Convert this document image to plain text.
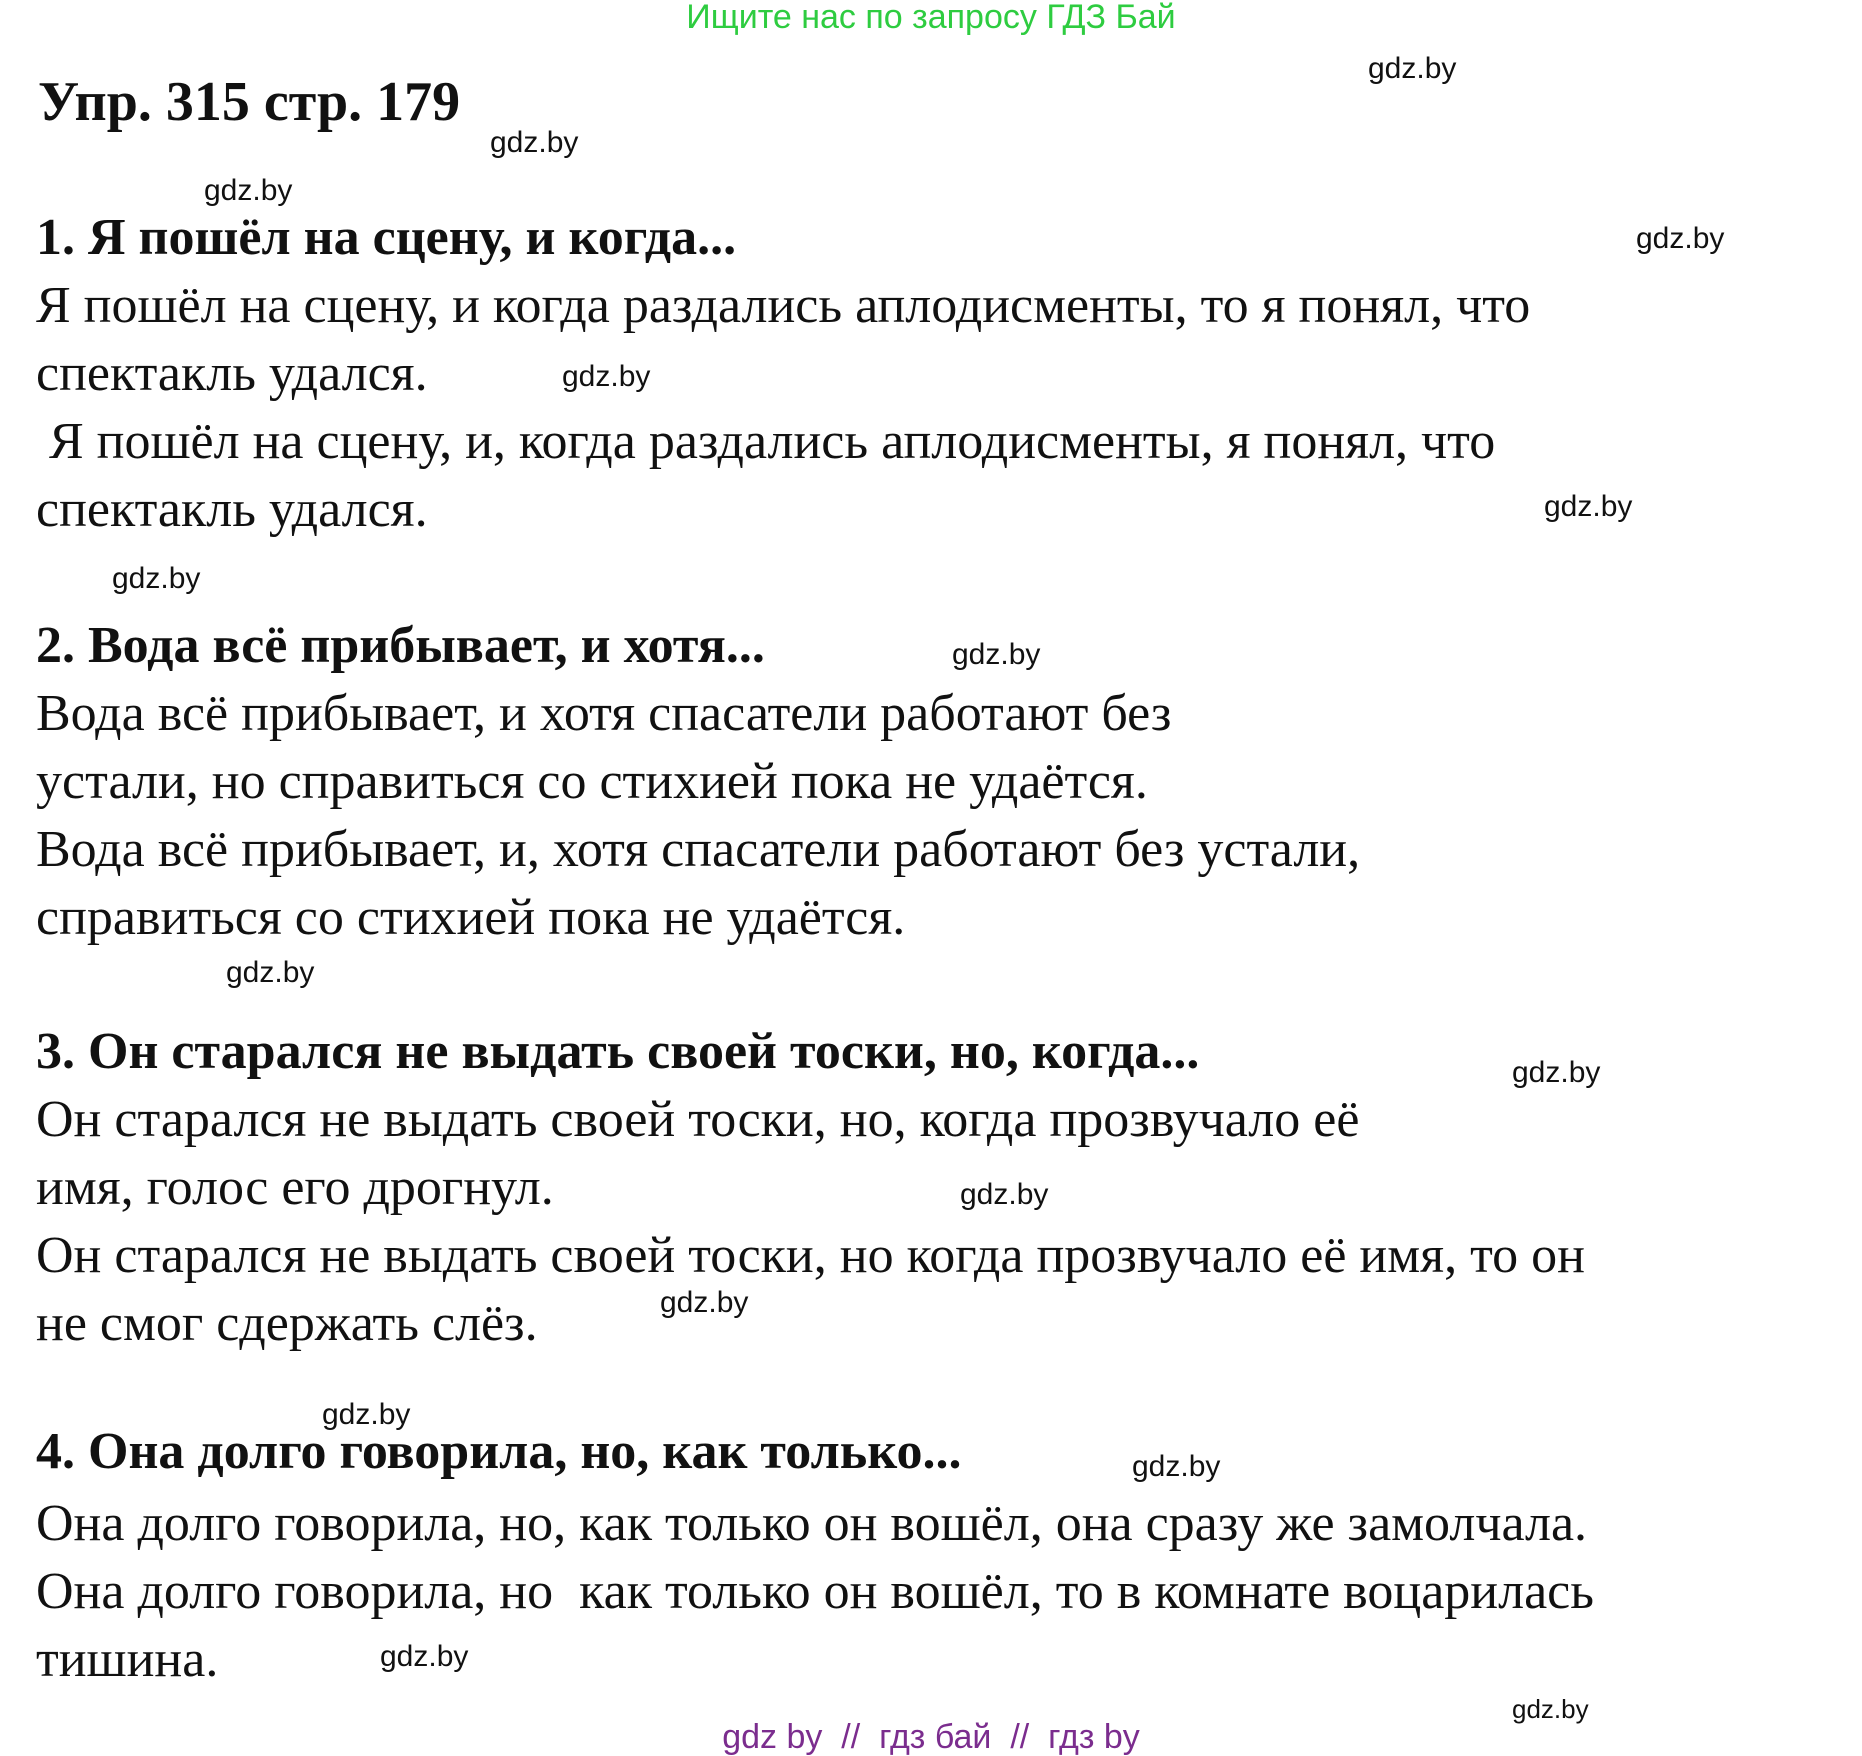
Ищите нас по запросу ГДЗ Бай
Упр. 315 стр. 179
1. Я пошёл на сцену, и когда...

Я пошёл на сцену, и когда раздались аплодисменты, то я понял, что
спектакль удался.

Я пошёл на сцену, и, когда раздались аплодисменты, я понял, что
спектакль удался.

2. Вода всё прибывает, и хотя...

Вода всё прибывает, и хотя спасатели работают без
устали, но справиться со стихией пока не удаётся.

Вода всё прибывает, и, хотя спасатели работают без устали,
справиться со стихией пока не удаётся.

3. Он старался не выдать своей тоски, но, когда...

Он старался не выдать своей тоски, но, когда прозвучало её
имя, голос его дрогнул.

Он старался не выдать своей тоски, но когда прозвучало её имя, то он
не смог сдержать слёз.

4. Она долго говорила, но, как только...

Она долго говорила, но, как только он вошёл, она сразу же замолчала.

Она долго говорила, но  как только он вошёл, то в комнате воцарилась
тишина.

gdz.by
gdz.by
gdz.by
gdz.by
gdz.by
gdz.by
gdz.by
gdz.by
gdz.by
gdz.by
gdz.by
gdz.by
gdz.by
gdz.by
gdz.by
gdz.by
gdz by  //  гдз бай  //  гдз by
